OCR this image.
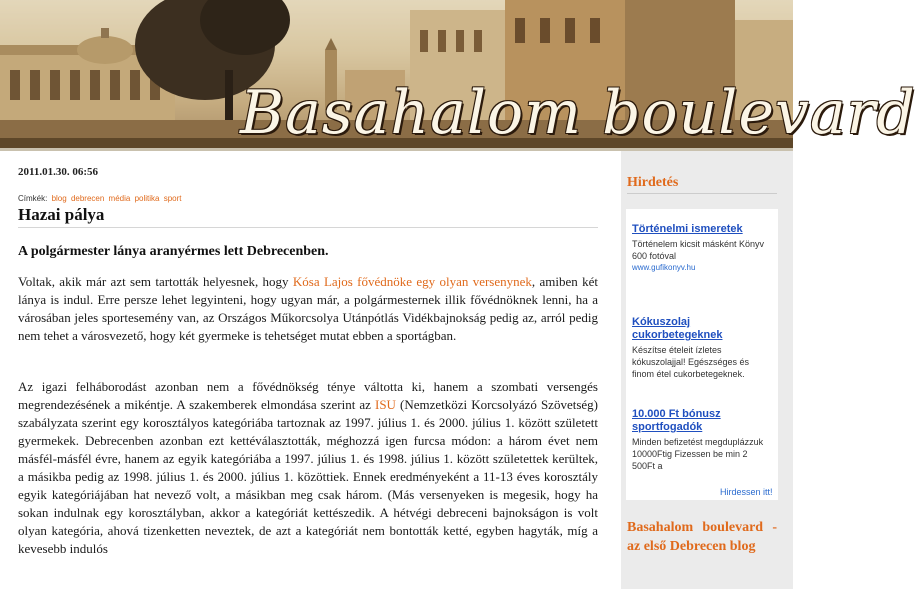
Basahalom boulevard
2011.01.30. 06:56
Címkék: blog debrecen média politika sport
Hazai pálya
A polgármester lánya aranyérmes lett Debrecenben.
Voltak, akik már azt sem tartották helyesnek, hogy Kósa Lajos fővédnöke egy olyan versenynek, amiben két lánya is indul. Erre persze lehet legyinteni, hogy ugyan már, a polgármesternek illik fővédnöknek lenni, ha a városában jeles sportesemény van, az Országos Műkorcsolya Utánpótlás Vidékbajnokság pedig az, arról pedig nem tehet a városvezető, hogy két gyermeke is tehetséget mutat ebben a sportágban.
Az igazi felháborodást azonban nem a fővédnökség ténye váltotta ki, hanem a szombati versengés megrendezésének a mikéntje. A szakemberek elmondása szerint az ISU (Nemzetközi Korcsolyázó Szövetség) szabályzata szerint egy korosztályos kategóriába tartoznak az 1997. július 1. és 2000. július 1. között született gyermekek. Debrecenben azonban ezt kettéválasztották, méghozzá igen furcsa módon: a három évet nem másfél-másfél évre, hanem az egyik kategóriába a 1997. július 1. és 1998. július 1. között születettek kerültek, a másikba pedig az 1998. július 1. és 2000. július 1. közöttiek. Ennek eredményeként a 11-13 éves korosztály egyik kategóriájában hat nevező volt, a másikban meg csak három. (Más versenyeken is megesik, hogy ha sokan indulnak egy korosztályban, akkor a kategóriát kettészedik. A hétvégi debreceni bajnokságon is volt olyan kategória, ahová tizenketten neveztek, de azt a kategóriát nem bontották ketté, egyben hagyták, míg a kevesebb indulós
Hirdetés
Történelmi ismeretek
Történelem kicsit másként Könyv 600 fotóval
www.gufikonyv.hu
Kókuszolaj cukorbetegeknek
Készítse ételeit ízletes kókuszolajjal! Egészséges és finom étel cukorbetegeknek.
10.000 Ft bónusz sportfogadók
Minden befizetést megduplázzuk 10000Ftig Fizessen be min 2 500Ft a
Hirdessen itt!
Basahalom boulevard - az első Debrecen blog
